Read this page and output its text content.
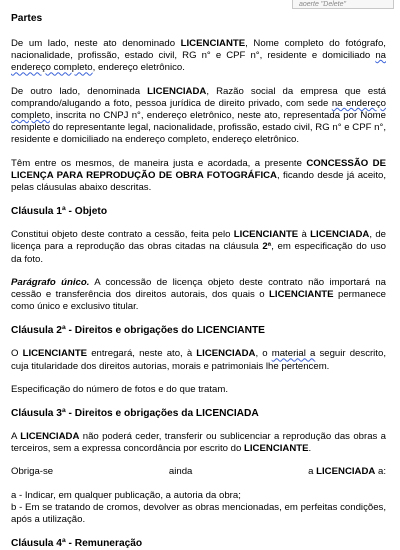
aoerte "Delete"
Partes

De um lado, neste ato denominado LICENCIANTE, Nome completo do fotógrafo, nacionalidade, profissão, estado civil, RG n° e CPF n°, residente e domiciliado na endereço completo, endereço eletrônico.

De outro lado, denominada LICENCIADA, Razão social da empresa que está comprando/alugando a foto, pessoa jurídica de direito privado, com sede na endereço completo, inscrita no CNPJ n°, endereço eletrônico, neste ato, representada por Nome completo do representante legal, nacionalidade, profissão, estado civil, RG n° e CPF n°, residente e domiciliado na endereço completo, endereço eletrônico.

Têm entre os mesmos, de maneira justa e acordada, a presente CONCESSÃO DE LICENÇA PARA REPRODUÇÃO DE OBRA FOTOGRÁFICA, ficando desde já aceito, pelas cláusulas abaixo descritas.

Cláusula 1ª - Objeto

Constitui objeto deste contrato a cessão, feita pelo LICENCIANTE à LICENCIADA, de licença para a reprodução das obras citadas na cláusula 2ª, em especificação do uso da foto.

Parágrafo único. A concessão de licença objeto deste contrato não importará na cessão e transferência dos direitos autorais, dos quais o LICENCIANTE permanece como único e exclusivo titular.

Cláusula 2ª - Direitos e obrigações do LICENCIANTE

O LICENCIANTE entregará, neste ato, à LICENCIADA, o material a seguir descrito, cuja titularidade dos direitos autorias, morais e patrimoniais lhe pertencem.

Especificação do número de fotos e do que tratam.

Cláusula 3ª - Direitos e obrigações da LICENCIADA

A LICENCIADA não poderá ceder, transferir ou sublicenciar a reprodução das obras a terceiros, sem a expressa concordância por escrito do LICENCIANTE.

Obriga-se	ainda	a LICENCIADA a:

a - Indicar, em qualquer publicação, a autoria da obra;
b - Em se tratando de cromos, devolver as obras mencionadas, em perfeitas condições, após a utilização.

Cláusula 4ª - Remuneração
